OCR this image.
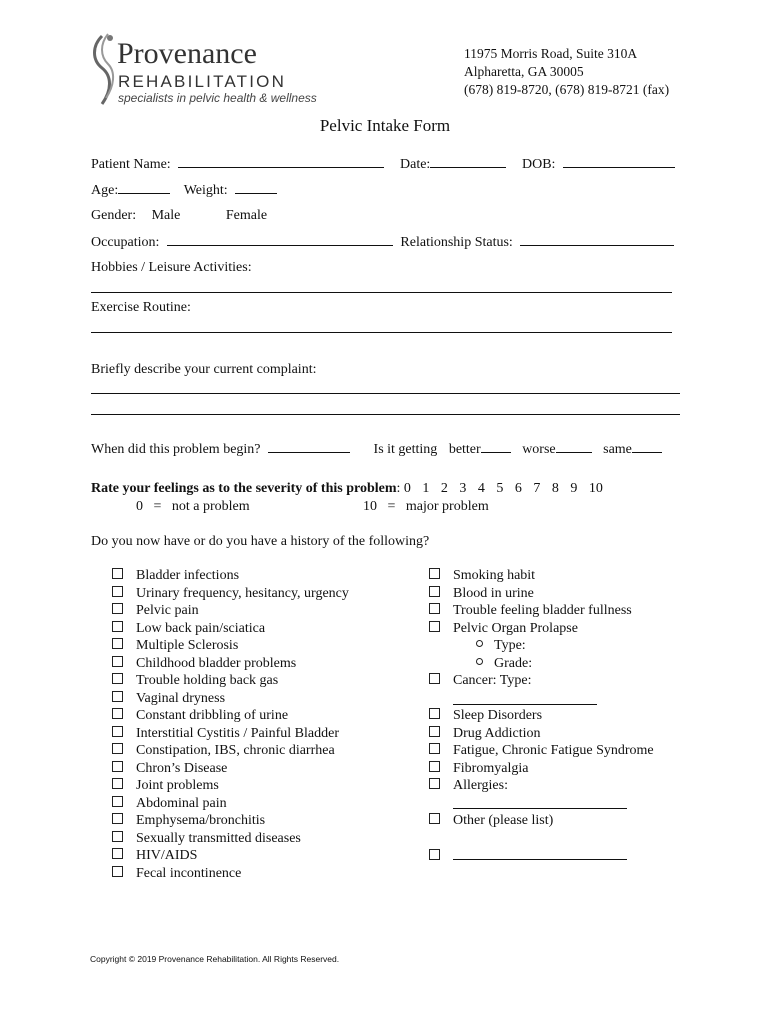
Provenance
REHABILITATION
specialists in pelvic health & wellness
11975 Morris Road, Suite 310A
Alpharetta, GA 30005
(678) 819-8720, (678) 819-8721 (fax)
Pelvic Intake Form
Patient Name:	Date:	DOB:
Age:	Weight:
Gender: Male	Female
Occupation:	Relationship Status:
Hobbies / Leisure Activities:
Exercise Routine:
Briefly describe your current complaint:
When did this problem begin?	Is it getting better	worse	same
Rate your feelings as to the severity of this problem: 0 1 2 3 4 5 6 7 8 9 10
0   =   not a problem	10   =   major problem
Do you now have or do you have a history of the following?
Bladder infections
Urinary frequency, hesitancy, urgency
Pelvic pain
Low back pain/sciatica
Multiple Sclerosis
Childhood bladder problems
Trouble holding back gas
Vaginal dryness
Constant dribbling of urine
Interstitial Cystitis / Painful Bladder
Constipation, IBS, chronic diarrhea
Chron’s Disease
Joint problems
Abdominal pain
Emphysema/bronchitis
Sexually transmitted diseases
HIV/AIDS
Fecal incontinence
Smoking habit
Blood in urine
Trouble feeling bladder fullness
Pelvic Organ Prolapse
Type:
Grade:
Cancer: Type:
Sleep Disorders
Drug Addiction
Fatigue, Chronic Fatigue Syndrome
Fibromyalgia
Allergies:
Other (please list)
Copyright © 2019 Provenance Rehabilitation. All Rights Reserved.
